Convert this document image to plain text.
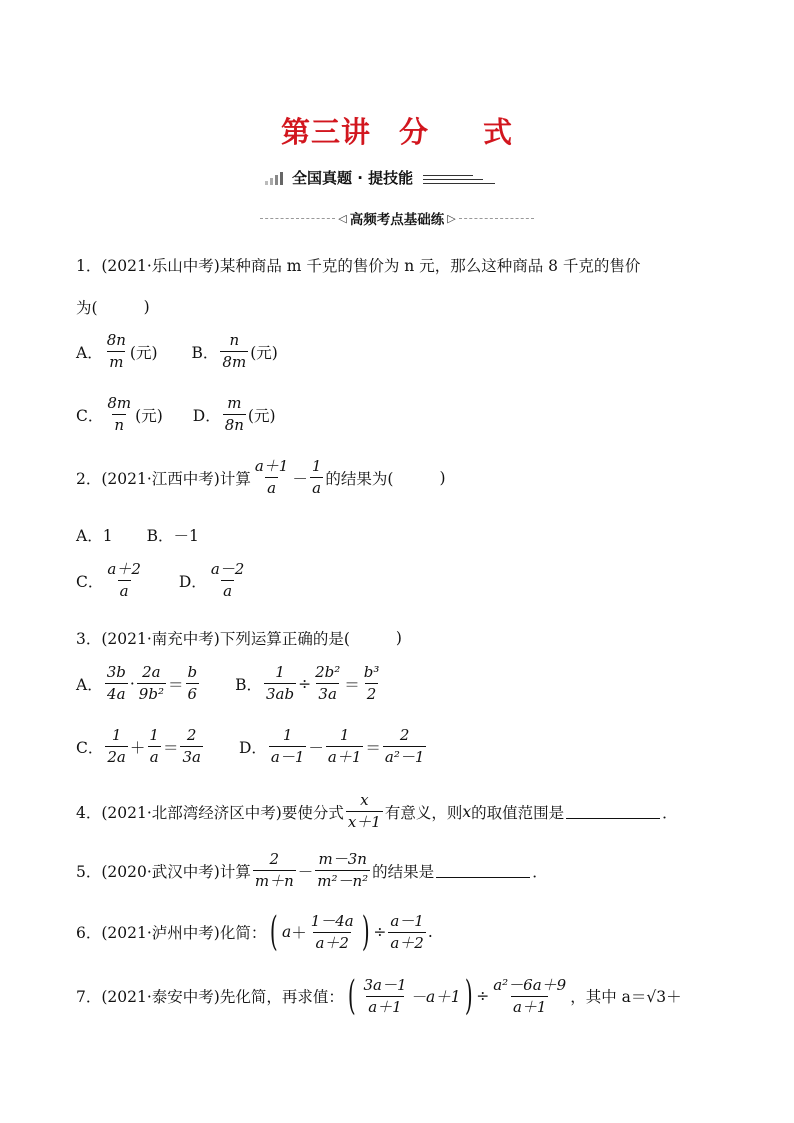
第三讲 分 式
全国真题 · 提技能
◁ 高频考点基础练 ▷
1．(2021·乐山中考)某种商品 m 千克的售价为 n 元，那么这种商品 8 千克的售价
为(	)
A． $\frac{8n}{m}$ (元) B． $\frac{n}{8m}$ (元)
C． $\frac{8m}{n}$ (元) D． $\frac{m}{8n}$ (元)
2．(2021·江西中考)计算 $\frac{a+1}{a} - \frac{1}{a}$ 的结果为(	)
A．1 B．－1
C． $\frac{a+2}{a}$ D． $\frac{a-2}{a}$
3．(2021·南充中考)下列运算正确的是(	)
A． $\frac{3b}{4a} \cdot \frac{2a}{\text{9b²}} = \frac{b}{6}$ B． $\frac{1}{3ab} \div \frac{\text{2b²}}{3a} = \frac{\text{b³}}{2}$
C． $\frac{1}{2a} + \frac{1}{a} = \frac{2}{3a}$ D． $\frac{1}{a-1} - \frac{1}{a+1} = \frac{2}{\text{a²－1}}$
4．(2021·北部湾经济区中考)要使分式 $\frac{x}{x+1}$ 有意义，则 x 的取值范围是	．
5．(2020·武汉中考)计算 $\frac{2}{m+n} - \frac{m-3n}{\text{m²－n²}}$ 的结果是	．
6．(2021·泸州中考)化简： ( $a + \frac{1-4a}{a+2}$ ) ÷ $\frac{a-1}{a+2}$ .
7．(2021·泰安中考)先化简，再求值： ( $\frac{3a-1}{a+1} -a+1$ ) ÷ $\frac{\text{a²－6a＋9}}{a+1}$ ，其中 a＝√3＋
